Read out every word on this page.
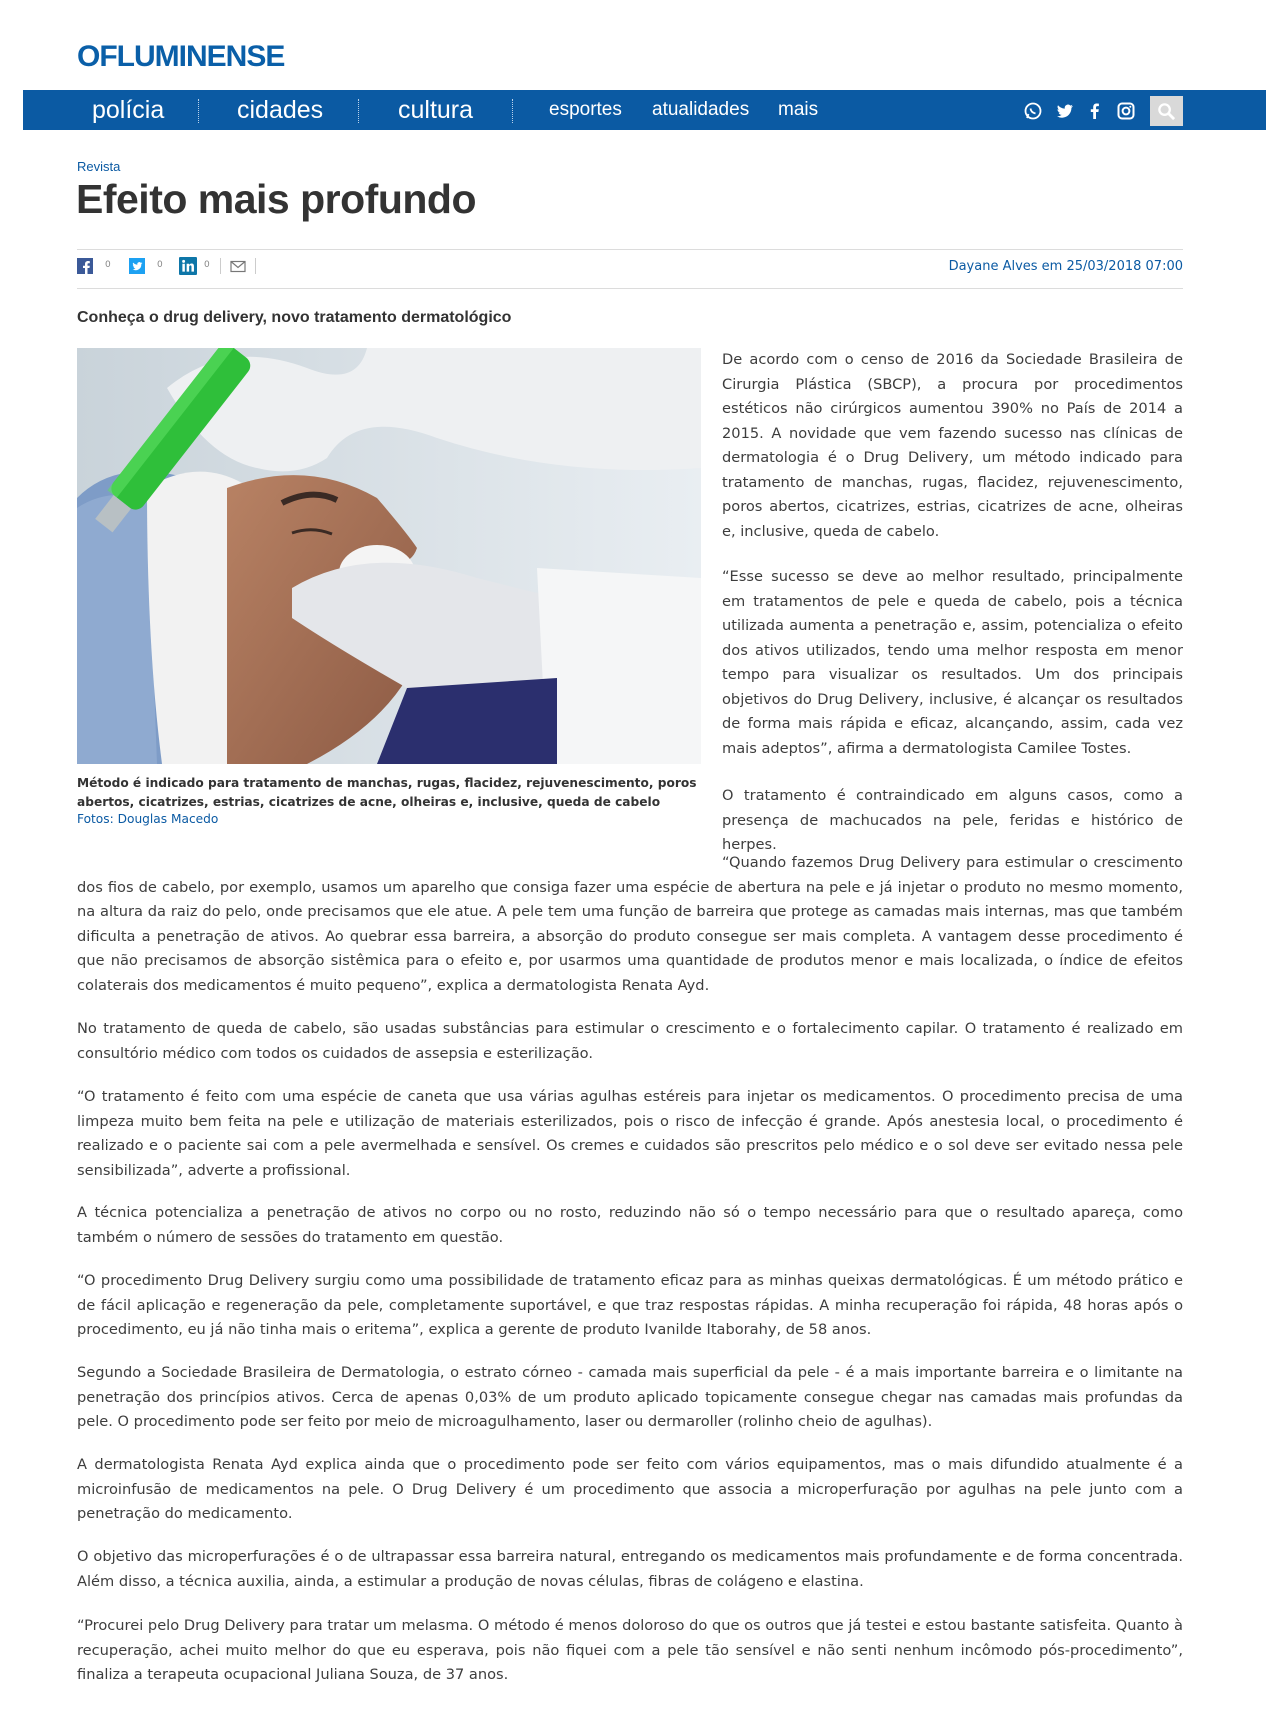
OFLUMINENSE
polícia	cidades	cultura	esportes atualidades mais
Revista
Efeito mais profundo
0	0	0	Dayane Alves em 25/03/2018 07:00
Conheça o drug delivery, novo tratamento dermatológico
Método é indicado para tratamento de manchas, rugas, flacidez, rejuvenescimento, poros abertos, cicatrizes, estrias, cicatrizes de acne, olheiras e, inclusive, queda de cabelo
Fotos: Douglas Macedo

De acordo com o censo de 2016 da Sociedade Brasileira de Cirurgia Plástica (SBCP), a procura por procedimentos estéticos não cirúrgicos aumentou 390% no País de 2014 a 2015. A novidade que vem fazendo sucesso nas clínicas de dermatologia é o Drug Delivery, um método indicado para tratamento de manchas, rugas, flacidez, rejuvenescimento, poros abertos, cicatrizes, estrias, cicatrizes de acne, olheiras e, inclusive, queda de cabelo.

“Esse sucesso se deve ao melhor resultado, principalmente em tratamentos de pele e queda de cabelo, pois a técnica utilizada aumenta a penetração e, assim, potencializa o efeito dos ativos utilizados, tendo uma melhor resposta em menor tempo para visualizar os resultados. Um dos principais objetivos do Drug Delivery, inclusive, é alcançar os resultados de forma mais rápida e eficaz, alcançando, assim, cada vez mais adeptos”, afirma a dermatologista Camilee Tostes.

O tratamento é contraindicado em alguns casos, como a presença de machucados na pele, feridas e histórico de herpes.

“Quando fazemos Drug Delivery para estimular o crescimento dos fios de cabelo, por exemplo, usamos um aparelho que consiga fazer uma espécie de abertura na pele e já injetar o produto no mesmo momento, na altura da raiz do pelo, onde precisamos que ele atue. A pele tem uma função de barreira que protege as camadas mais internas, mas que também dificulta a penetração de ativos. Ao quebrar essa barreira, a absorção do produto consegue ser mais completa. A vantagem desse procedimento é que não precisamos de absorção sistêmica para o efeito e, por usarmos uma quantidade de produtos menor e mais localizada, o índice de efeitos colaterais dos medicamentos é muito pequeno”, explica a dermatologista Renata Ayd.

No tratamento de queda de cabelo, são usadas substâncias para estimular o crescimento e o fortalecimento capilar. O tratamento é realizado em consultório médico com todos os cuidados de assepsia e esterilização.

“O tratamento é feito com uma espécie de caneta que usa várias agulhas estéreis para injetar os medicamentos. O procedimento precisa de uma limpeza muito bem feita na pele e utilização de materiais esterilizados, pois o risco de infecção é grande. Após anestesia local, o procedimento é realizado e o paciente sai com a pele avermelhada e sensível. Os cremes e cuidados são prescritos pelo médico e o sol deve ser evitado nessa pele sensibilizada”, adverte a profissional.

A técnica potencializa a penetração de ativos no corpo ou no rosto, reduzindo não só o tempo necessário para que o resultado apareça, como também o número de sessões do tratamento em questão.

“O procedimento Drug Delivery surgiu como uma possibilidade de tratamento eficaz para as minhas queixas dermatológicas. É um método prático e de fácil aplicação e regeneração da pele, completamente suportável, e que traz respostas rápidas. A minha recuperação foi rápida, 48 horas após o procedimento, eu já não tinha mais o eritema”, explica a gerente de produto Ivanilde Itaborahy, de 58 anos.

Segundo a Sociedade Brasileira de Dermatologia, o estrato córneo - camada mais superficial da pele - é a mais importante barreira e o limitante na penetração dos princípios ativos. Cerca de apenas 0,03% de um produto aplicado topicamente consegue chegar nas camadas mais profundas da pele. O procedimento pode ser feito por meio de microagulhamento, laser ou dermaroller (rolinho cheio de agulhas).

A dermatologista Renata Ayd explica ainda que o procedimento pode ser feito com vários equipamentos, mas o mais difundido atualmente é a microinfusão de medicamentos na pele. O Drug Delivery é um procedimento que associa a microperfuração por agulhas na pele junto com a penetração do medicamento.

O objetivo das microperfurações é o de ultrapassar essa barreira natural, entregando os medicamentos mais profundamente e de forma concentrada. Além disso, a técnica auxilia, ainda, a estimular a produção de novas células, fibras de colágeno e elastina.

“Procurei pelo Drug Delivery para tratar um melasma. O método é menos doloroso do que os outros que já testei e estou bastante satisfeita. Quanto à recuperação, achei muito melhor do que eu esperava, pois não fiquei com a pele tão sensível e não senti nenhum incômodo pós-procedimento”, finaliza a terapeuta ocupacional Juliana Souza, de 37 anos.
